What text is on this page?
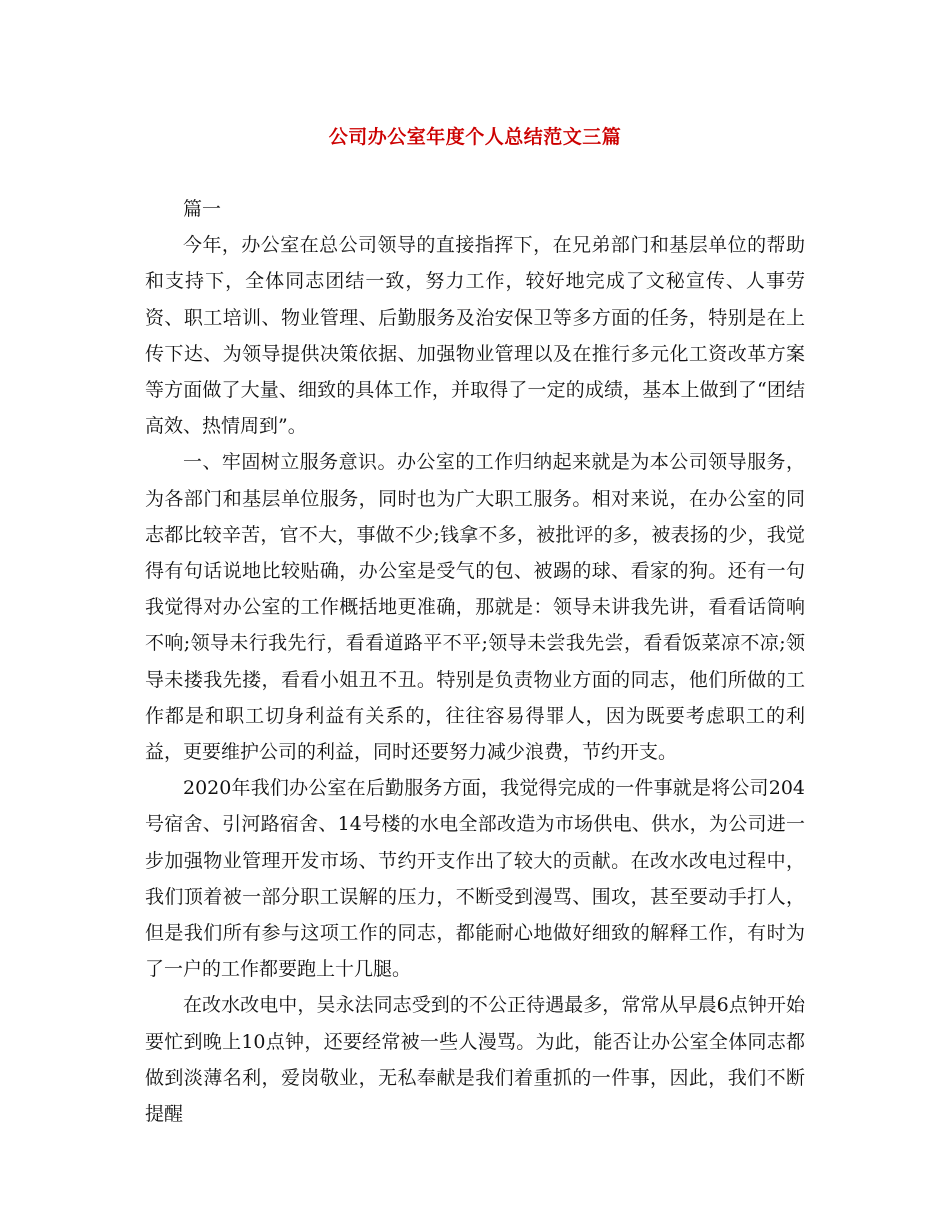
公司办公室年度个人总结范文三篇

篇一

今年，办公室在总公司领导的直接指挥下，在兄弟部门和基层单位的帮助和支持下，全体同志团结一致，努力工作，较好地完成了文秘宣传、人事劳资、职工培训、物业管理、后勤服务及治安保卫等多方面的任务，特别是在上传下达、为领导提供决策依据、加强物业管理以及在推行多元化工资改革方案等方面做了大量、细致的具体工作，并取得了一定的成绩，基本上做到了“团结高效、热情周到”。

一、牢固树立服务意识。办公室的工作归纳起来就是为本公司领导服务，为各部门和基层单位服务，同时也为广大职工服务。相对来说，在办公室的同志都比较辛苦，官不大，事做不少;钱拿不多，被批评的多，被表扬的少，我觉得有句话说地比较贴确，办公室是受气的包、被踢的球、看家的狗。还有一句我觉得对办公室的工作概括地更准确，那就是：领导未讲我先讲，看看话筒响不响;领导未行我先行，看看道路平不平;领导未尝我先尝，看看饭菜凉不凉;领导未搂我先搂，看看小姐丑不丑。特别是负责物业方面的同志，他们所做的工作都是和职工切身利益有关系的，往往容易得罪人，因为既要考虑职工的利益，更要维护公司的利益，同时还要努力减少浪费，节约开支。

2020年我们办公室在后勤服务方面，我觉得完成的一件事就是将公司204号宿舍、引河路宿舍、14号楼的水电全部改造为市场供电、供水，为公司进一步加强物业管理开发市场、节约开支作出了较大的贡献。在改水改电过程中，我们顶着被一部分职工误解的压力，不断受到漫骂、围攻，甚至要动手打人，但是我们所有参与这项工作的同志，都能耐心地做好细致的解释工作，有时为了一户的工作都要跑上十几腿。

在改水改电中，吴永法同志受到的不公正待遇最多，常常从早晨6点钟开始要忙到晚上10点钟，还要经常被一些人漫骂。为此，能否让办公室全体同志都做到淡薄名利，爱岗敬业，无私奉献是我们着重抓的一件事，因此，我们不断提醒
